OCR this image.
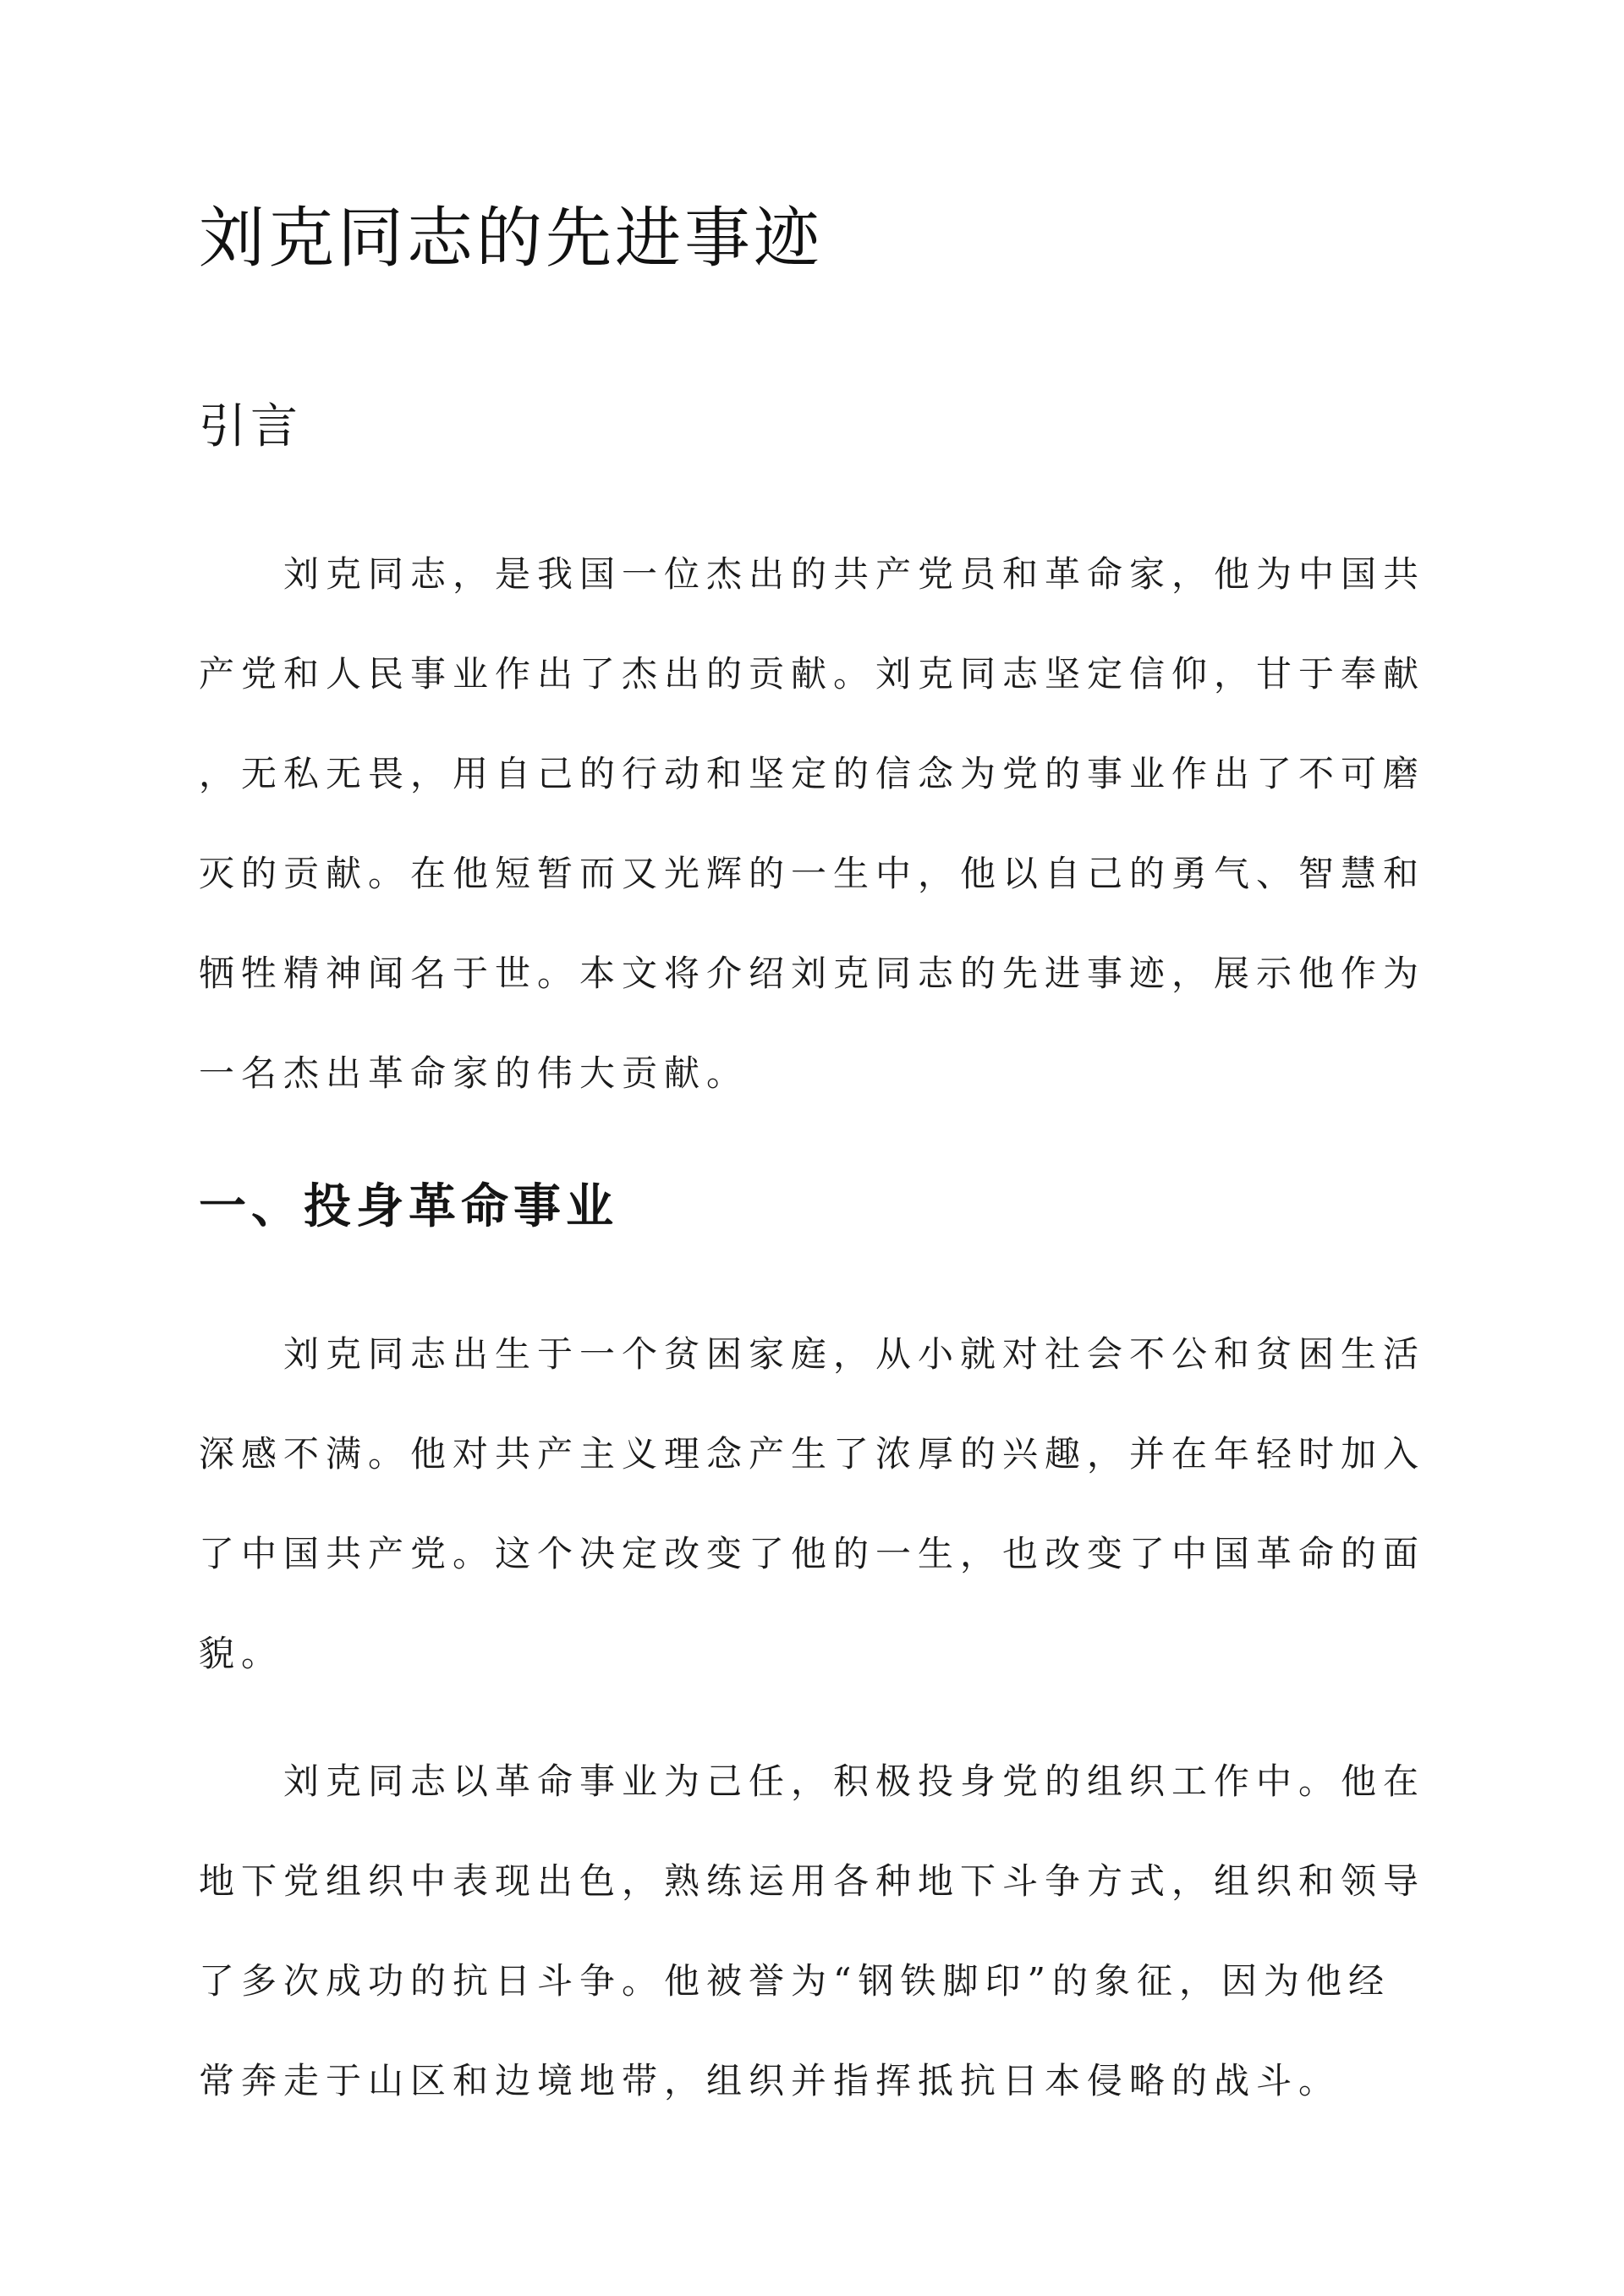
刘克同志的先进事迹
引言
刘克同志，是我国一位杰出的共产党员和革命家，他为中国共
产党和人民事业作出了杰出的贡献。刘克同志坚定信仰，甘于奉献
，无私无畏，用自己的行动和坚定的信念为党的事业作出了不可磨
灭的贡献。在他短暂而又光辉的一生中，他以自己的勇气、智慧和
牺牲精神闻名于世。本文将介绍刘克同志的先进事迹，展示他作为
一名杰出革命家的伟大贡献。
一、投身革命事业
刘克同志出生于一个贫困家庭，从小就对社会不公和贫困生活
深感不满。他对共产主义理念产生了浓厚的兴趣，并在年轻时加入
了中国共产党。这个决定改变了他的一生，也改变了中国革命的面
貌。
刘克同志以革命事业为己任，积极投身党的组织工作中。他在
地下党组织中表现出色，熟练运用各种地下斗争方式，组织和领导
了多次成功的抗日斗争。他被誉为“钢铁脚印”的象征，因为他经
常奔走于山区和边境地带，组织并指挥抵抗日本侵略的战斗。
